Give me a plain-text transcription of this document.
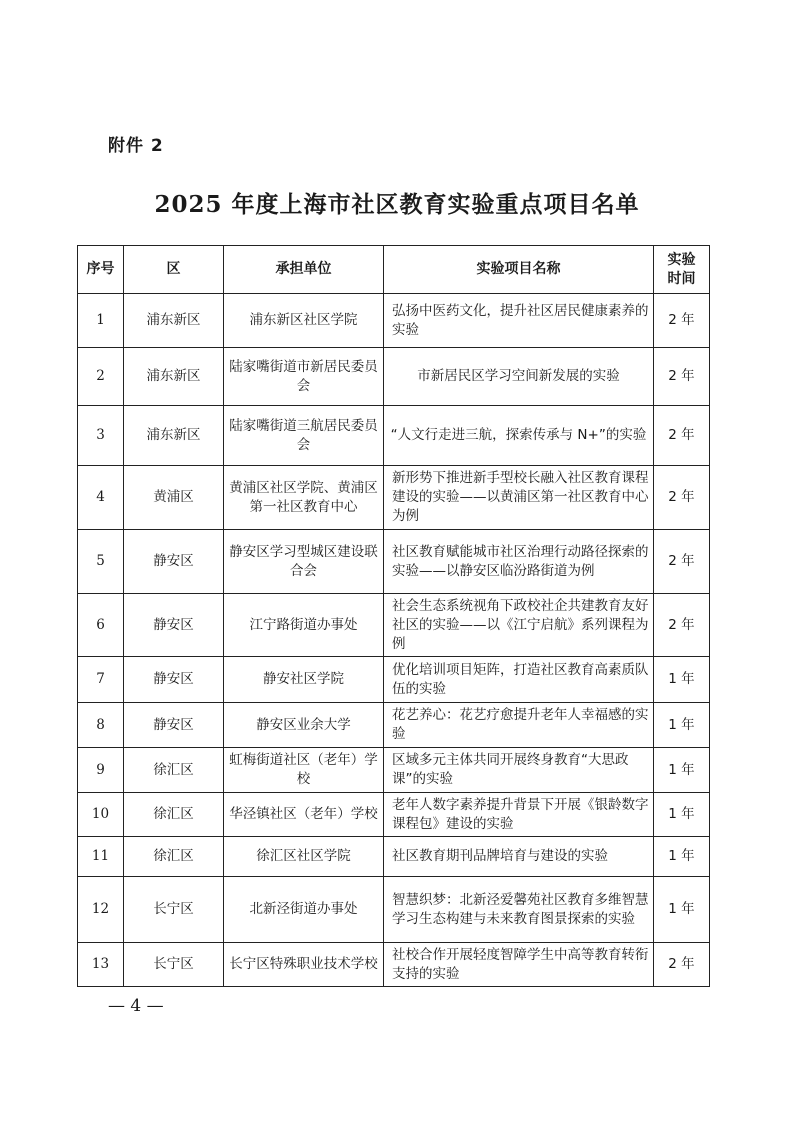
附件 2
2025 年度上海市社区教育实验重点项目名单
序号	区	承担单位	实验项目名称	实验
时间
1	浦东新区	浦东新区社区学院	弘扬中医药文化，提升社区居民健康素养的实验	2 年
2	浦东新区	陆家嘴街道市新居民委员会	市新居民区学习空间新发展的实验	2 年
3	浦东新区	陆家嘴街道三航居民委员会	“人文行走进三航，探索传承与 N+”的实验	2 年
4	黄浦区	黄浦区社区学院、黄浦区第一社区教育中心	新形势下推进新手型校长融入社区教育课程建设的实验——以黄浦区第一社区教育中心为例	2 年
5	静安区	静安区学习型城区建设联合会	社区教育赋能城市社区治理行动路径探索的实验——以静安区临汾路街道为例	2 年
6	静安区	江宁路街道办事处	社会生态系统视角下政校社企共建教育友好社区的实验——以《江宁启航》系列课程为例	2 年
7	静安区	静安社区学院	优化培训项目矩阵，打造社区教育高素质队伍的实验	1 年
8	静安区	静安区业余大学	花艺养心：花艺疗愈提升老年人幸福感的实验	1 年
9	徐汇区	虹梅街道社区（老年）学校	区域多元主体共同开展终身教育“大思政课”的实验	1 年
10	徐汇区	华泾镇社区（老年）学校	老年人数字素养提升背景下开展《银龄数字课程包》建设的实验	1 年
11	徐汇区	徐汇区社区学院	社区教育期刊品牌培育与建设的实验	1 年
12	长宁区	北新泾街道办事处	智慧织梦：北新泾爱馨苑社区教育多维智慧学习生态构建与未来教育图景探索的实验	1 年
13	长宁区	长宁区特殊职业技术学校	社校合作开展轻度智障学生中高等教育转衔支持的实验	2 年
— 4 —
